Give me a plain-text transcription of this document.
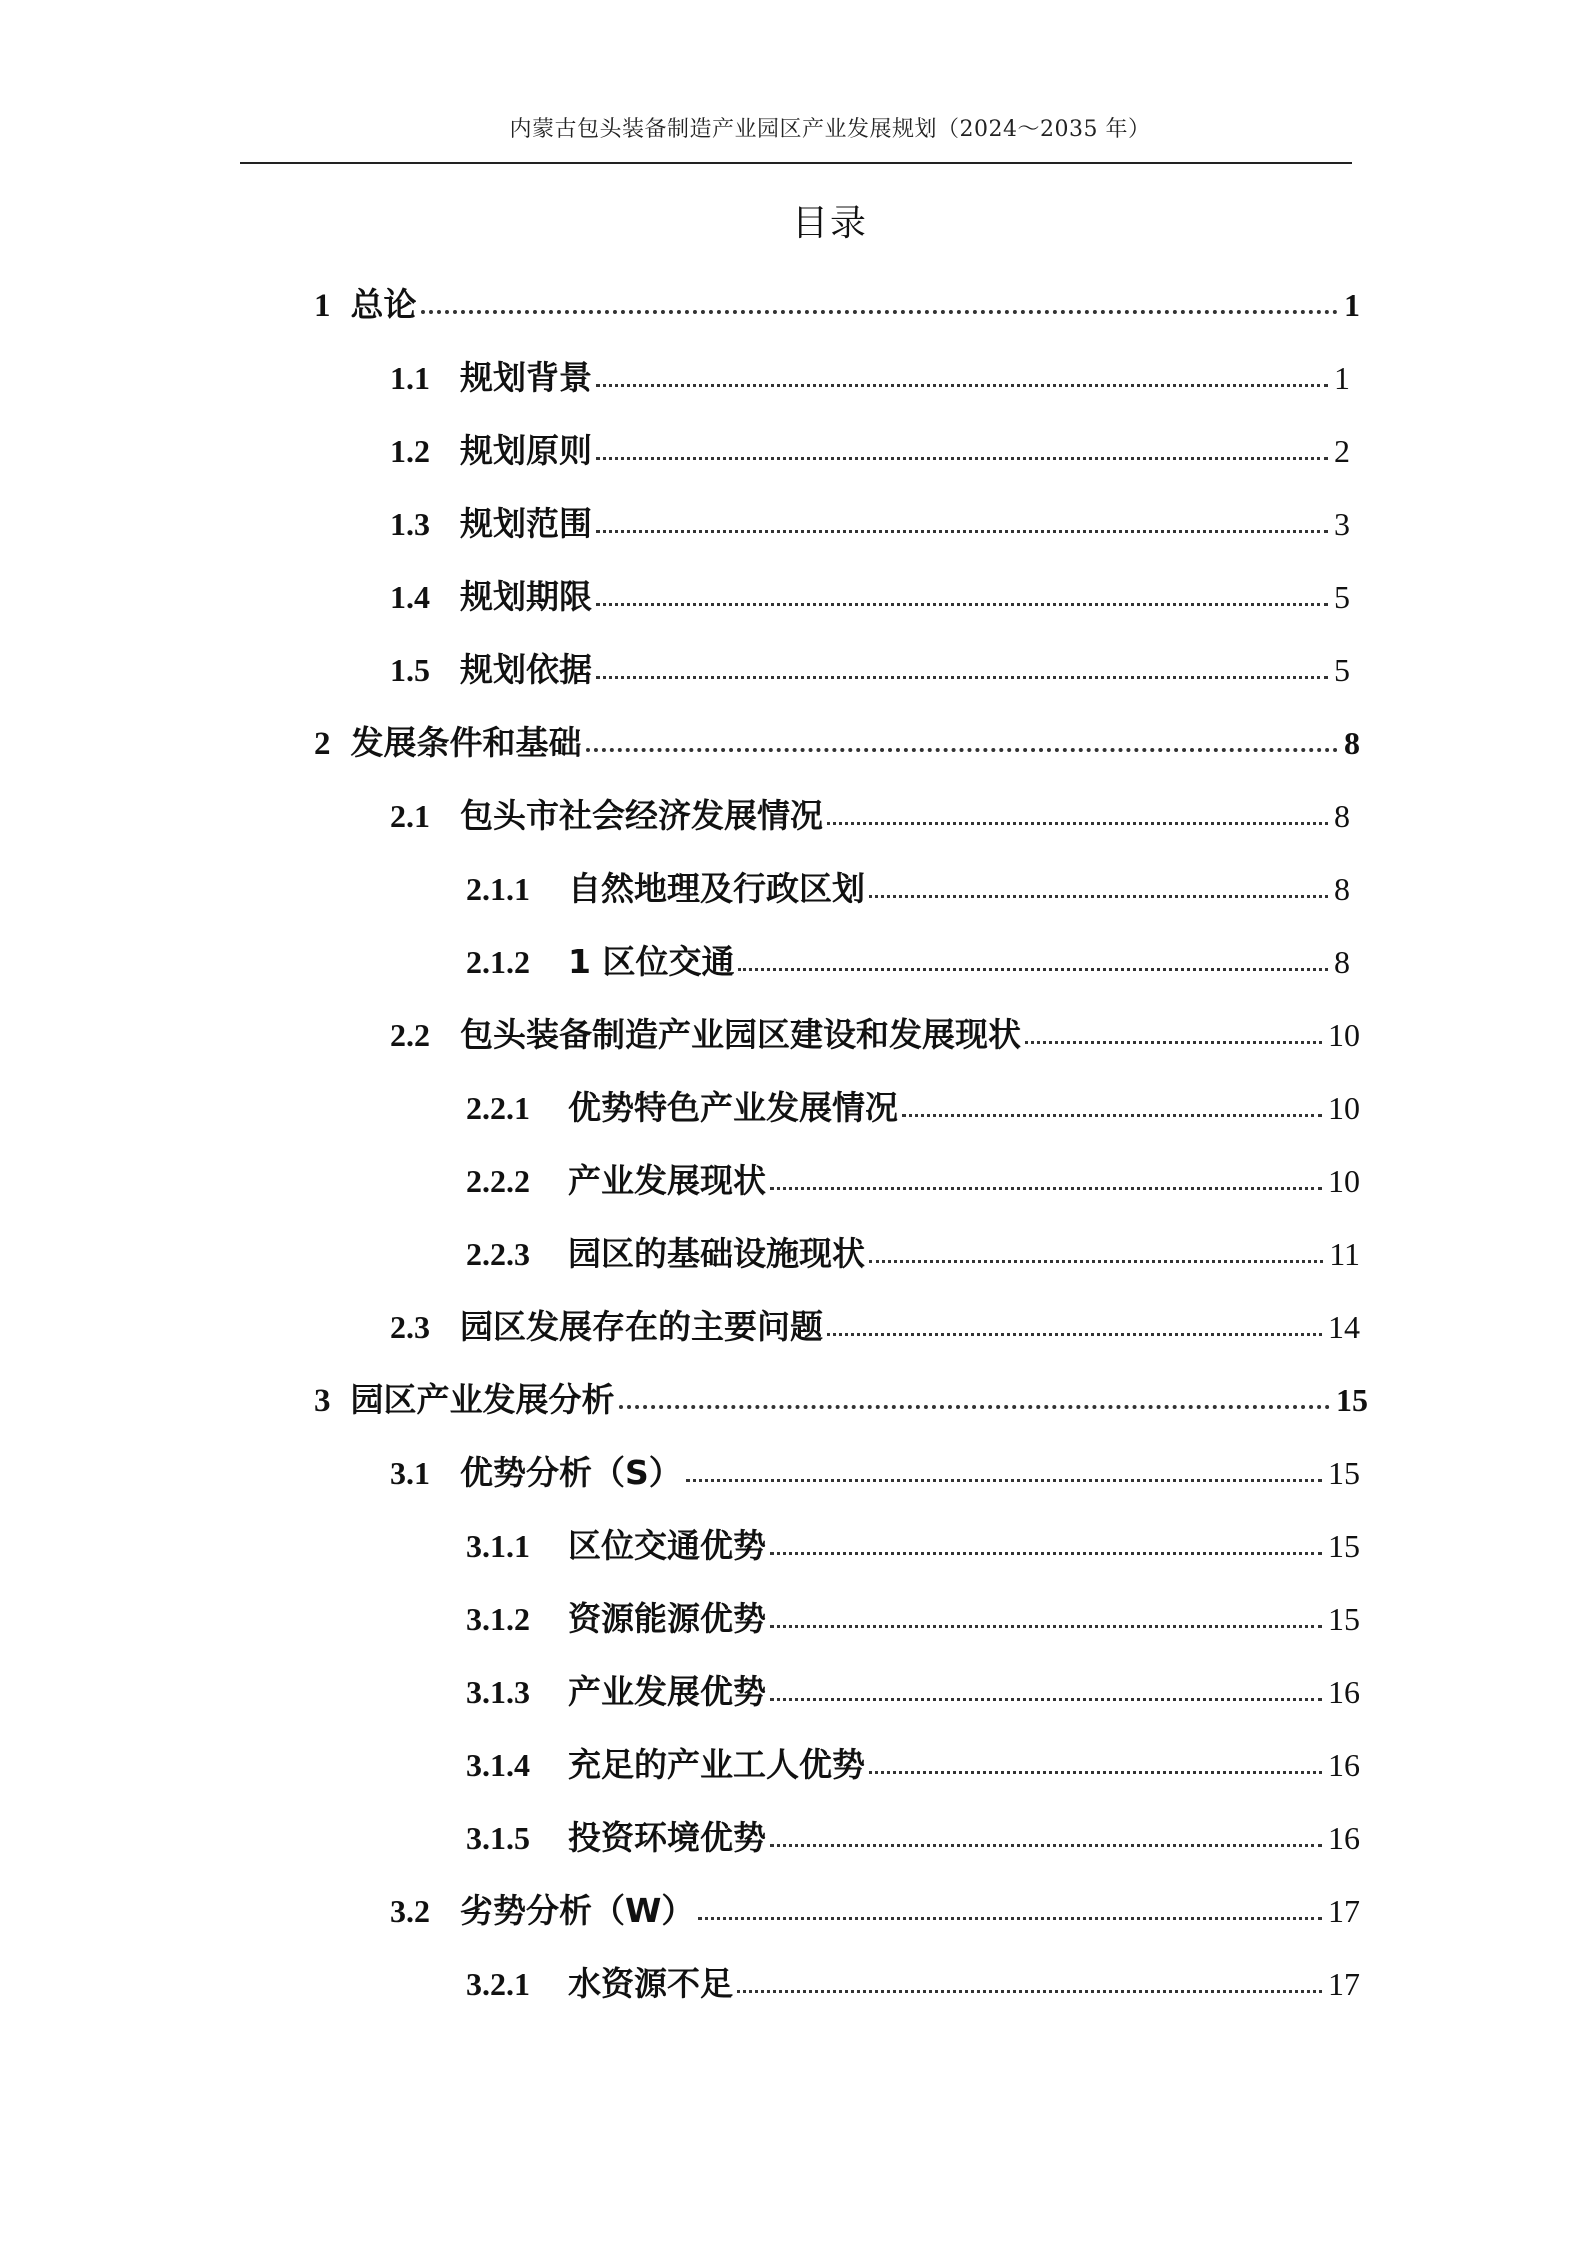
内蒙古包头装备制造产业园区产业发展规划（2024～2035 年）
目录
1 总论	1
1.1 规划背景	1
1.2 规划原则	2
1.3 规划范围	3
1.4 规划期限	5
1.5 规划依据	5
2 发展条件和基础	8
2.1 包头市社会经济发展情况	8
2.1.1 自然地理及行政区划	8
2.1.2 1 区位交通	8
2.2 包头装备制造产业园区建设和发展现状	10
2.2.1 优势特色产业发展情况	10
2.2.2 产业发展现状	10
2.2.3 园区的基础设施现状	11
2.3 园区发展存在的主要问题	14
3 园区产业发展分析	15
3.1 优势分析（S）	15
3.1.1 区位交通优势	15
3.1.2 资源能源优势	15
3.1.3 产业发展优势	16
3.1.4 充足的产业工人优势	16
3.1.5 投资环境优势	16
3.2 劣势分析（W）	17
3.2.1 水资源不足	17
